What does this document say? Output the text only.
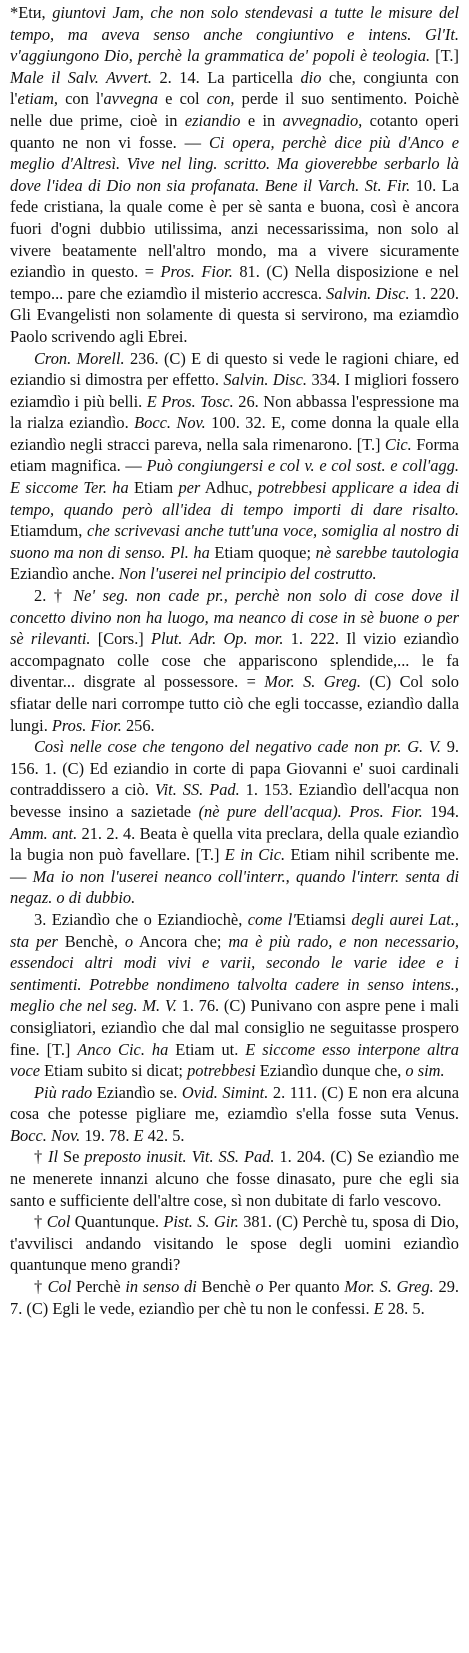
*Etи, giuntovi Jam, che non solo stendevasi a tutte le misure del tempo, ma aveva senso anche congiuntivo e intens. Gl'It. v'aggiungono Dio, perchè la grammatica de' popoli è teologia. [T.] Male il Salv. Avvert. 2. 14. La particella dio che, congiunta con l'etiam, con l'avvegna e col con, perde il suo sentimento. Poichè nelle due prime, cioè in eziandio e in avvegnadio, cotanto operi quanto ne non vi fosse. — Ci opera, perchè dice più d'Anco e meglio d'Altresì. Vive nel ling. scritto. Ma gioverebbe serbarlo là dove l'idea di Dio non sia profanata. Bene il Varch. St. Fir. 10. La fede cristiana, la quale come è per sè santa e buona, così è ancora fuori d'ogni dubbio utilissima, anzi necessarissima, non solo al vivere beatamente nell'altro mondo, ma a vivere sicuramente eziandìo in questo. = Pros. Fior. 81. (C) Nella disposizione e nel tempo... pare che eziamdìo il misterio accresca. Salvin. Disc. 1. 220. Gli Evangelisti non solamente di questa si servirono, ma eziamdìo Paolo scrivendo agli Ebrei.

Cron. Morell. 236. (C) E di questo si vede le ragioni chiare, ed eziandio si dimostra per effetto. Salvin. Disc. 334. I migliori fossero eziamdìo i più belli. E Pros. Tosc. 26. Non abbassa l'espressione ma la rialza eziandìo. Bocc. Nov. 100. 32. E, come donna la quale ella eziandìo negli stracci pareva, nella sala rimenarono. [T.] Cic. Forma etiam magnifica. — Può congiungersi e col v. e col sost. e coll'agg. E siccome Ter. ha Etiam per Adhuc, potrebbesi applicare a idea di tempo, quando però all'idea di tempo importi di dare risalto. Etiamdum, che scrivevasi anche tutt'una voce, somiglia al nostro di suono ma non di senso. Pl. ha Etiam quoque; nè sarebbe tautologia Eziandìo anche. Non l'userei nel principio del costrutto.

2. † Ne' seg. non cade pr., perchè non solo di cose dove il concetto divino non ha luogo, ma neanco di cose in sè buone o per sè rilevanti. [Cors.] Plut. Adr. Op. mor. 1. 222. Il vizio eziandìo accompagnato colle cose che appariscono splendide,... le fa diventar... disgrate al possessore. = Mor. S. Greg. (C) Col solo sfiatar delle nari corrompe tutto ciò che egli toccasse, eziandìo dalla lungi. Pros. Fior. 256.

Così nelle cose che tengono del negativo cade non pr. G. V. 9. 156. 1. (C) Ed eziandio in corte di papa Giovanni e' suoi cardinali contraddissero a ciò. Vit. SS. Pad. 1. 153. Eziandìo dell'acqua non bevesse insino a sazietade (nè pure dell'acqua). Pros. Fior. 194. Amm. ant. 21. 2. 4. Beata è quella vita preclara, della quale eziandìo la bugia non può favellare. [T.] E in Cic. Etiam nihil scribente me. — Ma io non l'userei neanco coll'interr., quando l'interr. senta di negaz. o di dubbio.

3. Eziandìo che o Eziandiochè, come l'Etiamsi degli aurei Lat., sta per Benchè, o Ancora che; ma è più rado, e non necessario, essendoci altri modi vivi e varii, secondo le varie idee e i sentimenti. Potrebbe nondimeno talvolta cadere in senso intens., meglio che nel seg. M. V. 1. 76. (C) Punivano con aspre pene i mali consigliatori, eziandìo che dal mal consiglio ne seguitasse prospero fine. [T.] Anco Cic. ha Etiam ut. E siccome esso interpone altra voce Etiam subito si dicat; potrebbesi Eziandìo dunque che, o sim.

Più rado Eziandìo se. Ovid. Simint. 2. 111. (C) E non era alcuna cosa che potesse pigliare me, eziamdìo s'ella fosse suta Venus. Bocc. Nov. 19. 78. E 42. 5.

† Il Se preposto inusit. Vit. SS. Pad. 1. 204. (C) Se eziandìo me ne menerete innanzi alcuno che fosse dinasato, pure che egli sia santo e sufficiente dell'altre cose, sì non dubitate di farlo vescovo.

† Col Quantunque. Pist. S. Gir. 381. (C) Perchè tu, sposa di Dio, t'avvilisci andando visitando le spose degli uomini eziandìo quantunque meno grandi?

† Col Perchè in senso di Benchè o Per quanto Mor. S. Greg. 29. 7. (C) Egli le vede, eziandìo per chè tu non le confessi. E 28. 5.
